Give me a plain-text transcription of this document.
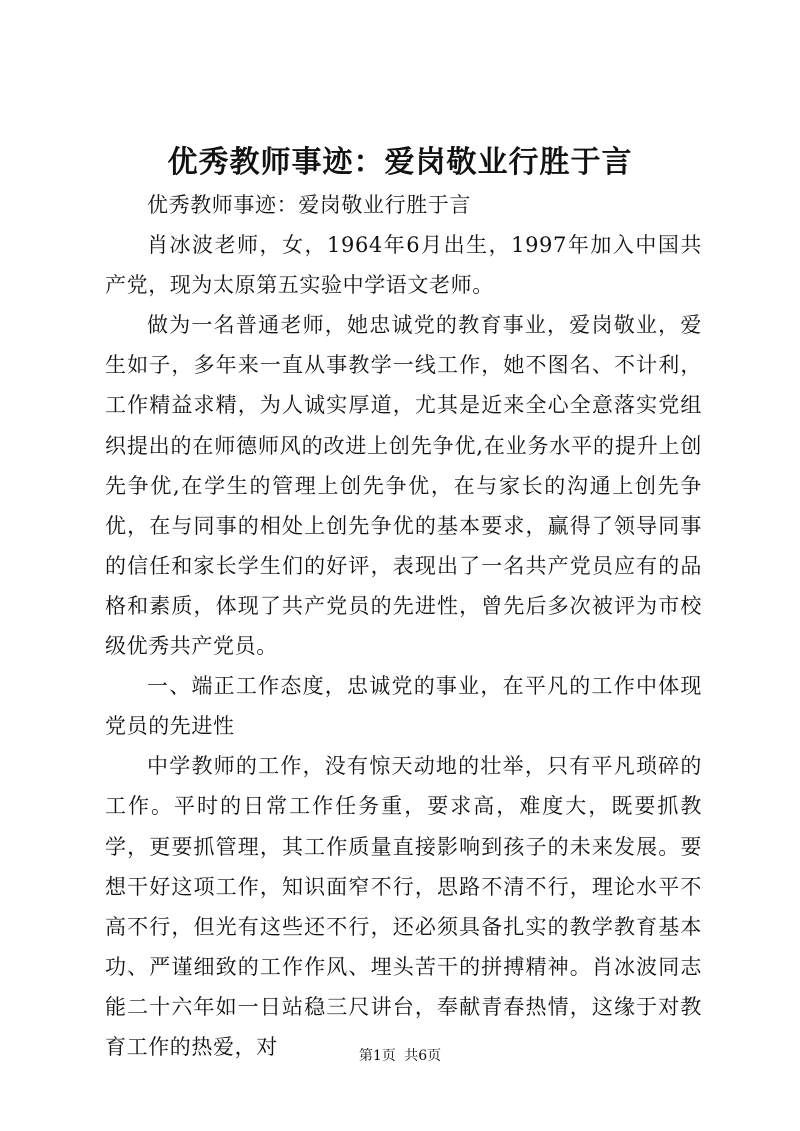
优秀教师事迹：爱岗敬业行胜于言

优秀教师事迹：爱岗敬业行胜于言

肖冰波老师，女，1964年6月出生，1997年加入中国共产党，现为太原第五实验中学语文老师。

做为一名普通老师，她忠诚党的教育事业，爱岗敬业，爱生如子，多年来一直从事教学一线工作，她不图名、不计利，工作精益求精，为人诚实厚道，尤其是近来全心全意落实党组织提出的在师德师风的改进上创先争优,在业务水平的提升上创先争优,在学生的管理上创先争优，在与家长的沟通上创先争优，在与同事的相处上创先争优的基本要求，赢得了领导同事的信任和家长学生们的好评，表现出了一名共产党员应有的品格和素质，体现了共产党员的先进性，曾先后多次被评为市校级优秀共产党员。

一、端正工作态度，忠诚党的事业，在平凡的工作中体现党员的先进性

中学教师的工作，没有惊天动地的壮举，只有平凡琐碎的工作。平时的日常工作任务重，要求高，难度大，既要抓教学，更要抓管理，其工作质量直接影响到孩子的未来发展。要想干好这项工作，知识面窄不行，思路不清不行，理论水平不高不行，但光有这些还不行，还必须具备扎实的教学教育基本功、严谨细致的工作作风、埋头苦干的拼搏精神。肖冰波同志能二十六年如一日站稳三尺讲台，奉献青春热情，这缘于对教育工作的热爱，对	第1页 共6页
